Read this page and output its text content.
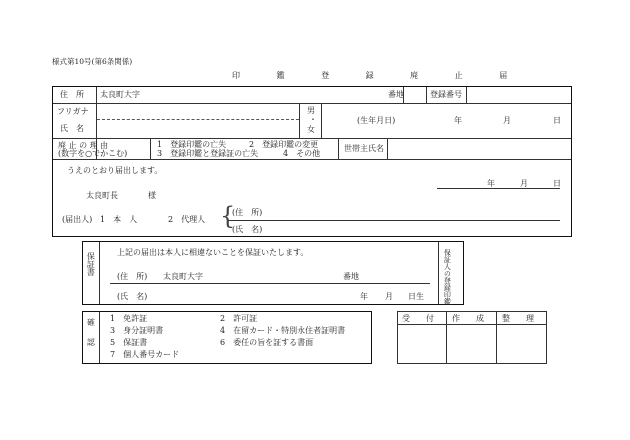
様式第10号(第6条関係)
印 鑑 登 録 廃 止 届
住　所 太良町大字	番地	登録番号
フリガナ
氏　名
男
・
女
(生年月日)	年	月	日
廃 止 の 理 由
(数字を○でかこむ)
1　登録印鑑の亡失	2　登録印鑑の変更
3　登録印鑑と登録証の亡失	4　その他
世帯主氏名
うえのとおり届出します。
年	月	日
太良町長	様
(届出人) 1　本　人	2　代理人 {
(住　所)
(氏　名)
保証書	上記の届出は本人に相違ないことを保証いたします。
(住　所) 太良町大字	番地
(氏　名)	年 月 日生	保証人の登録印鑑
確認 1　免許証	2　許可証
3　身分証明書	4　在留カード・特別永住者証明書
5　保証書	6　委任の旨を証する書面
7　個人番号カード
受　　付 作　　成 整　　理
